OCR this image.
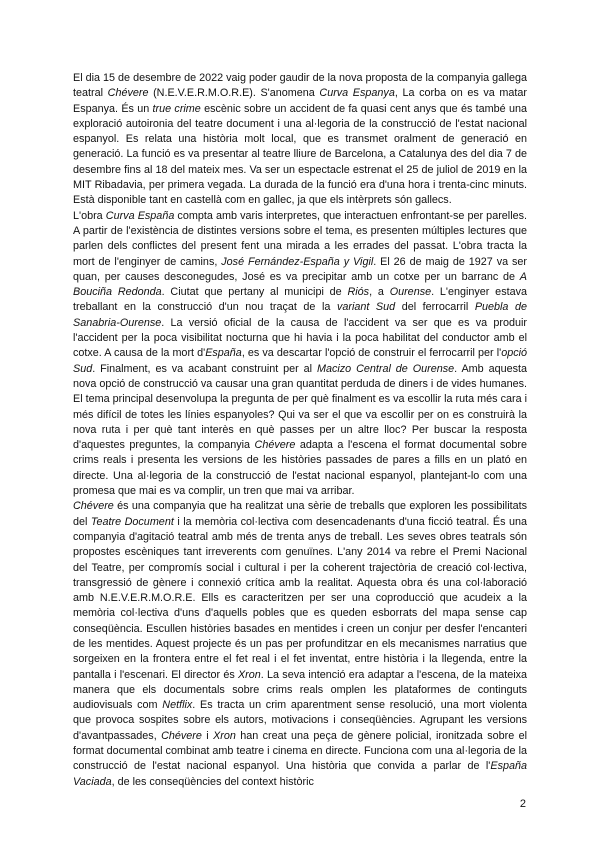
El dia 15 de desembre de 2022 vaig poder gaudir de la nova proposta de la companyia gallega teatral Chévere (N.E.V.E.R.M.O.R.E). S'anomena Curva Espanya, La corba on es va matar Espanya. És un true crime escènic sobre un accident de fa quasi cent anys que és també una exploració autoironia del teatre document i una al·legoria de la construcció de l'estat nacional espanyol. Es relata una història molt local, que es transmet oralment de generació en generació. La funció es va presentar al teatre lliure de Barcelona, a Catalunya des del dia 7 de desembre fins al 18 del mateix mes. Va ser un espectacle estrenat el 25 de juliol de 2019 en la MIT Ribadavia, per primera vegada. La durada de la funció era d'una hora i trenta-cinc minuts. Està disponible tant en castellà com en gallec, ja que els intèrprets són gallecs.

L'obra Curva España compta amb varis interpretes, que interactuen enfrontant-se per parelles. A partir de l'existència de distintes versions sobre el tema, es presenten múltiples lectures que parlen dels conflictes del present fent una mirada a les errades del passat. L'obra tracta la mort de l'enginyer de camins, José Fernández-España y Vigil. El 26 de maig de 1927 va ser quan, per causes desconegudes, José es va precipitar amb un cotxe per un barranc de A Bouciña Redonda. Ciutat que pertany al municipi de Riós, a Ourense. L'enginyer estava treballant en la construcció d'un nou traçat de la variant Sud del ferrocarril Puebla de Sanabria-Ourense. La versió oficial de la causa de l'accident va ser que es va produir l'accident per la poca visibilitat nocturna que hi havia i la poca habilitat del conductor amb el cotxe. A causa de la mort d'España, es va descartar l'opció de construir el ferrocarril per l'opció Sud. Finalment, es va acabant construint per al Macizo Central de Ourense. Amb aquesta nova opció de construcció va causar una gran quantitat perduda de diners i de vides humanes. El tema principal desenvolupa la pregunta de per què finalment es va escollir la ruta més cara i més difícil de totes les línies espanyoles? Qui va ser el que va escollir per on es construirà la nova ruta i per què tant interès en què passes per un altre lloc? Per buscar la resposta d'aquestes preguntes, la companyia Chévere adapta a l'escena el format documental sobre crims reals i presenta les versions de les històries passades de pares a fills en un plató en directe. Una al·legoria de la construcció de l'estat nacional espanyol, plantejant-lo com una promesa que mai es va complir, un tren que mai va arribar.

Chévere és una companyia que ha realitzat una sèrie de treballs que exploren les possibilitats del Teatre Document i la memòria col·lectiva com desencadenants d'una ficció teatral. És una companyia d'agitació teatral amb més de trenta anys de treball. Les seves obres teatrals són propostes escèniques tant irreverents com genuïnes. L'any 2014 va rebre el Premi Nacional del Teatre, per compromís social i cultural i per la coherent trajectòria de creació col·lectiva, transgressió de gènere i connexió crítica amb la realitat. Aquesta obra és una col·laboració amb N.E.V.E.R.M.O.R.E. Ells es caracteritzen per ser una coproducció que acudeix a la memòria col·lectiva d'uns d'aquells pobles que es queden esborrats del mapa sense cap conseqüència. Escullen històries basades en mentides i creen un conjur per desfer l'encanteri de les mentides. Aquest projecte és un pas per profunditzar en els mecanismes narratius que sorgeixen en la frontera entre el fet real i el fet inventat, entre història i la llegenda, entre la pantalla i l'escenari. El director és Xron. La seva intenció era adaptar a l'escena, de la mateixa manera que els documentals sobre crims reals omplen les plataformes de continguts audiovisuals com Netflix. Es tracta un crim aparentment sense resolució, una mort violenta que provoca sospites sobre els autors, motivacions i conseqüències. Agrupant les versions d'avantpassades, Chévere i Xron han creat una peça de gènere policial, ironitzada sobre el format documental combinat amb teatre i cinema en directe. Funciona com una al·legoria de la construcció de l'estat nacional espanyol. Una història que convida a parlar de l'España Vaciada, de les conseqüències del context històric

2
